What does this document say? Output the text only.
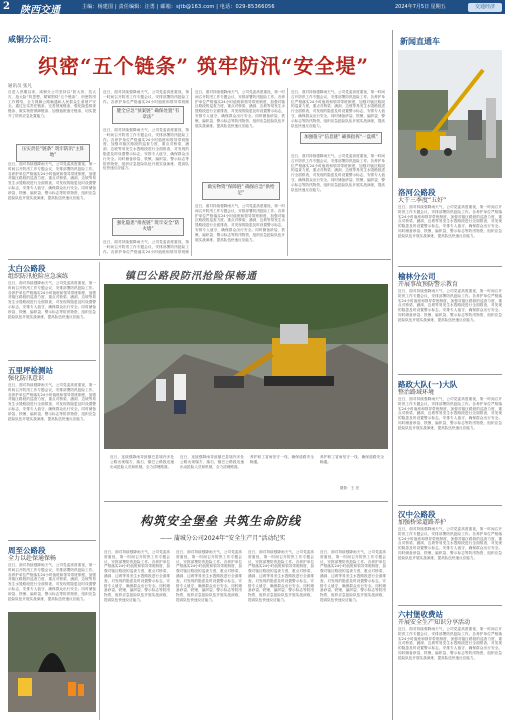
2 陕西交通	主编：杨建国 | 责任编辑：汪勇 | 邮箱：sjtb@163.com | 电话：029-85366056	2024年7月5日 星期五	交通经济
咸铜分公司：
织密“五个链条” 筑牢防汛“安全堤”
通讯员 张凡
自进入汛期以来，咸铜分公司坚持以“防大汛、抗大灾、抢大险”的思想，紧紧围绕“五个链条”，织密防汛工作网络，全力保障公路畅通和人民群众生命财产安全。通过压实责任链条、完善预案链条、强化隐患排查链条、做实物资保障链条、加强值班值守链条，切实提升了防汛应急处置能力。
压实责任“链条” 筑牢防汛“主阵地”
近日，面对持续强降雨天气，公司党委高度重视，第一时间召开防汛工作专题会议，安排部署防汛抢险工作。各养护单位严格落实24小时值班和领导带班制度，加强对辖区路段的巡查力度，重点对桥梁、涵洞、边坡等易发生水毁路段进行全面排查，对发现的隐患及时设置警示标志，安排专人值守，确保群众出行安全。同时储备砂袋、铁锹、编织袋、警示标志等防汛物资，组织应急抢险队伍开展实战演练，提高队伍快速反应能力。
近日，面对持续强降雨天气，公司党委高度重视，第一时间召开防汛工作专题会议，安排部署防汛抢险工作。各养护单位严格落实24小时值班和领导带班制
健全应急“预案链” 确保处置“有章法”
近日，面对持续强降雨天气，公司党委高度重视，第一时间召开防汛工作专题会议，安排部署防汛抢险工作。各养护单位严格落实24小时值班和领导带班制度，加强对辖区路段的巡查力度，重点对桥梁、涵洞、边坡等易发生水毁路段进行全面排查，对发现的隐患及时设置警示标志，安排专人值守，确保群众出行安全。同时储备砂袋、铁锹、编织袋、警示标志等防汛物资，组织应急抢险队伍开展实战演练，提高队伍快速反应能力。
强化隐患“排查链” 筑牢安全“防火墙”
近日，面对持续强降雨天气，公司党委高度重视，第一时间召开防汛工作专题会议，安排部署防汛抢险工作。各养护单位严格落实24小时值班和领导带班制
近日，面对持续强降雨天气，公司党委高度重视，第一时间召开防汛工作专题会议，安排部署防汛抢险工作。各养护单位严格落实24小时值班和领导带班制度，加强对辖区路段的巡查力度，重点对桥梁、涵洞、边坡等易发生水毁路段进行全面排查，对发现的隐患及时设置警示标志，安排专人值守，确保群众出行安全。同时储备砂袋、铁锹、编织袋、警示标志等防汛物资，组织应急抢险队伍开展实战演练，提高队伍快速反应能力。
做实物资“保障链” 确保应急“供给足”
近日，面对持续强降雨天气，公司党委高度重视，第一时间召开防汛工作专题会议，安排部署防汛抢险工作。各养护单位严格落实24小时值班和领导带班制度，加强对辖区路段的巡查力度，重点对桥梁、涵洞、边坡等易发生水毁路段进行全面排查，对发现的隐患及时设置警示标志，安排专人值守，确保群众出行安全。同时储备砂袋、铁锹、编织袋、警示标志等防汛物资，组织应急抢险队伍开展实战演练，提高队伍快速反应能力。
近日，面对持续强降雨天气，公司党委高度重视，第一时间召开防汛工作专题会议，安排部署防汛抢险工作。各养护单位严格落实24小时值班和领导带班制度，加强对辖区路段的巡查力度，重点对桥梁、涵洞、边坡等易发生水毁路段进行全面排查，对发现的隐患及时设置警示标志，安排专人值守，确保群众出行安全。同时储备砂袋、铁锹、编织袋、警示标志等防汛物资，组织应急抢险队伍开展实战演练，提高队伍快速反应能力。
加强值守“信息链” 确保指挥“一盘棋”
近日，面对持续强降雨天气，公司党委高度重视，第一时间召开防汛工作专题会议，安排部署防汛抢险工作。各养护单位严格落实24小时值班和领导带班制度，加强对辖区路段的巡查力度，重点对桥梁、涵洞、边坡等易发生水毁路段进行全面排查，对发现的隐患及时设置警示标志，安排专人值守，确保群众出行安全。同时储备砂袋、铁锹、编织袋、警示标志等防汛物资，组织应急抢险队伍开展实战演练，提高队伍快速反应能力。
新闻直通车
洛河公路段
大干三季度“五好”
近日，面对持续强降雨天气，公司党委高度重视，第一时间召开防汛工作专题会议，安排部署防汛抢险工作。各养护单位严格落实24小时值班和领导带班制度，加强对辖区路段的巡查力度，重点对桥梁、涵洞、边坡等易发生水毁路段进行全面排查，对发现的隐患及时设置警示标志，安排专人值守，确保群众出行安全。同时储备砂袋、铁锹、编织袋、警示标志等防汛物资，组织应急抢险队伍开展实战演练，提高队伍快速反应能力。
榆林分公司
开展事故预防警示教育
近日，面对持续强降雨天气，公司党委高度重视，第一时间召开防汛工作专题会议，安排部署防汛抢险工作。各养护单位严格落实24小时值班和领导带班制度，加强对辖区路段的巡查力度，重点对桥梁、涵洞、边坡等易发生水毁路段进行全面排查，对发现的隐患及时设置警示标志，安排专人值守，确保群众出行安全。同时储备砂袋、铁锹、编织袋、警示标志等防汛物资，组织应急抢险队伍开展实战演练，提高队伍快速反应能力。
路政大队(一)大队
整治路域环境
近日，面对持续强降雨天气，公司党委高度重视，第一时间召开防汛工作专题会议，安排部署防汛抢险工作。各养护单位严格落实24小时值班和领导带班制度，加强对辖区路段的巡查力度，重点对桥梁、涵洞、边坡等易发生水毁路段进行全面排查，对发现的隐患及时设置警示标志，安排专人值守，确保群众出行安全。同时储备砂袋、铁锹、编织袋、警示标志等防汛物资，组织应急抢险队伍开展实战演练，提高队伍快速反应能力。
汉中公路段
加强桥梁道路养护
近日，面对持续强降雨天气，公司党委高度重视，第一时间召开防汛工作专题会议，安排部署防汛抢险工作。各养护单位严格落实24小时值班和领导带班制度，加强对辖区路段的巡查力度，重点对桥梁、涵洞、边坡等易发生水毁路段进行全面排查，对发现的隐患及时设置警示标志，安排专人值守，确保群众出行安全。同时储备砂袋、铁锹、编织袋、警示标志等防汛物资，组织应急抢险队伍开展实战演练，提高队伍快速反应能力。
六村堡收费站
开展安全生产知识分享活动
近日，面对持续强降雨天气，公司党委高度重视，第一时间召开防汛工作专题会议，安排部署防汛抢险工作。各养护单位严格落实24小时值班和领导带班制度，加强对辖区路段的巡查力度，重点对桥梁、涵洞、边坡等易发生水毁路段进行全面排查，对发现的隐患及时设置警示标志，安排专人值守，确保群众出行安全。同时储备砂袋、铁锹、编织袋、警示标志等防汛物资，组织应急抢险队伍开展实战演练，提高队伍快速反应能力。
太白公路段
组织防汛抢险应急演练
近日，面对持续强降雨天气，公司党委高度重视，第一时间召开防汛工作专题会议，安排部署防汛抢险工作。各养护单位严格落实24小时值班和领导带班制度，加强对辖区路段的巡查力度，重点对桥梁、涵洞、边坡等易发生水毁路段进行全面排查，对发现的隐患及时设置警示标志，安排专人值守，确保群众出行安全。同时储备砂袋、铁锹、编织袋、警示标志等防汛物资，组织应急抢险队伍开展实战演练，提高队伍快速反应能力。
五里坪检测站
强化防汛意识
近日，面对持续强降雨天气，公司党委高度重视，第一时间召开防汛工作专题会议，安排部署防汛抢险工作。各养护单位严格落实24小时值班和领导带班制度，加强对辖区路段的巡查力度，重点对桥梁、涵洞、边坡等易发生水毁路段进行全面排查，对发现的隐患及时设置警示标志，安排专人值守，确保群众出行安全。同时储备砂袋、铁锹、编织袋、警示标志等防汛物资，组织应急抢险队伍开展实战演练，提高队伍快速反应能力。
周至公路段
全力以赴保通保畅
近日，面对持续强降雨天气，公司党委高度重视，第一时间召开防汛工作专题会议，安排部署防汛抢险工作。各养护单位严格落实24小时值班和领导带班制度，加强对辖区路段的巡查力度，重点对桥梁、涵洞、边坡等易发生水毁路段进行全面排查，对发现的隐患及时设置警示标志，安排专人值守，确保群众出行安全。同时储备砂袋、铁锹、编织袋、警示标志等防汛物资，组织应急抢险队伍开展实战演练，提高队伍快速反应能力。
镇巴公路段防汛抢险保畅通
近日，连续强降雨导致镇巴县境内多处公路出现塌方、落石，镇巴公路段迅速出动抢险人员和机械，全力清理路面。
近日，连续强降雨导致镇巴县境内多处公路出现塌方、落石，镇巴公路段迅速出动抢险人员和机械，全力清理路面。
养护职工冒雨坚守一线，确保道路安全畅通。
养护职工冒雨坚守一线，确保道路安全畅通。
摄影：王 亮
构筑安全堡垒 共筑生命防线
—— 蒲城分公司2024年“安全生产月”活动纪实
近日，面对持续强降雨天气，公司党委高度重视，第一时间召开防汛工作专题会议，安排部署防汛抢险工作。各养护单位严格落实24小时值班和领导带班制度，加强对辖区路段的巡查力度，重点对桥梁、涵洞、边坡等易发生水毁路段进行全面排查，对发现的隐患及时设置警示标志，安排专人值守，确保群众出行安全。同时储备砂袋、铁锹、编织袋、警示标志等防汛物资，组织应急抢险队伍开展实战演练，提高队伍快速反应能力。
近日，面对持续强降雨天气，公司党委高度重视，第一时间召开防汛工作专题会议，安排部署防汛抢险工作。各养护单位严格落实24小时值班和领导带班制度，加强对辖区路段的巡查力度，重点对桥梁、涵洞、边坡等易发生水毁路段进行全面排查，对发现的隐患及时设置警示标志，安排专人值守，确保群众出行安全。同时储备砂袋、铁锹、编织袋、警示标志等防汛物资，组织应急抢险队伍开展实战演练，提高队伍快速反应能力。
近日，面对持续强降雨天气，公司党委高度重视，第一时间召开防汛工作专题会议，安排部署防汛抢险工作。各养护单位严格落实24小时值班和领导带班制度，加强对辖区路段的巡查力度，重点对桥梁、涵洞、边坡等易发生水毁路段进行全面排查，对发现的隐患及时设置警示标志，安排专人值守，确保群众出行安全。同时储备砂袋、铁锹、编织袋、警示标志等防汛物资，组织应急抢险队伍开展实战演练，提高队伍快速反应能力。
近日，面对持续强降雨天气，公司党委高度重视，第一时间召开防汛工作专题会议，安排部署防汛抢险工作。各养护单位严格落实24小时值班和领导带班制度，加强对辖区路段的巡查力度，重点对桥梁、涵洞、边坡等易发生水毁路段进行全面排查，对发现的隐患及时设置警示标志，安排专人值守，确保群众出行安全。同时储备砂袋、铁锹、编织袋、警示标志等防汛物资，组织应急抢险队伍开展实战演练，提高队伍快速反应能力。
